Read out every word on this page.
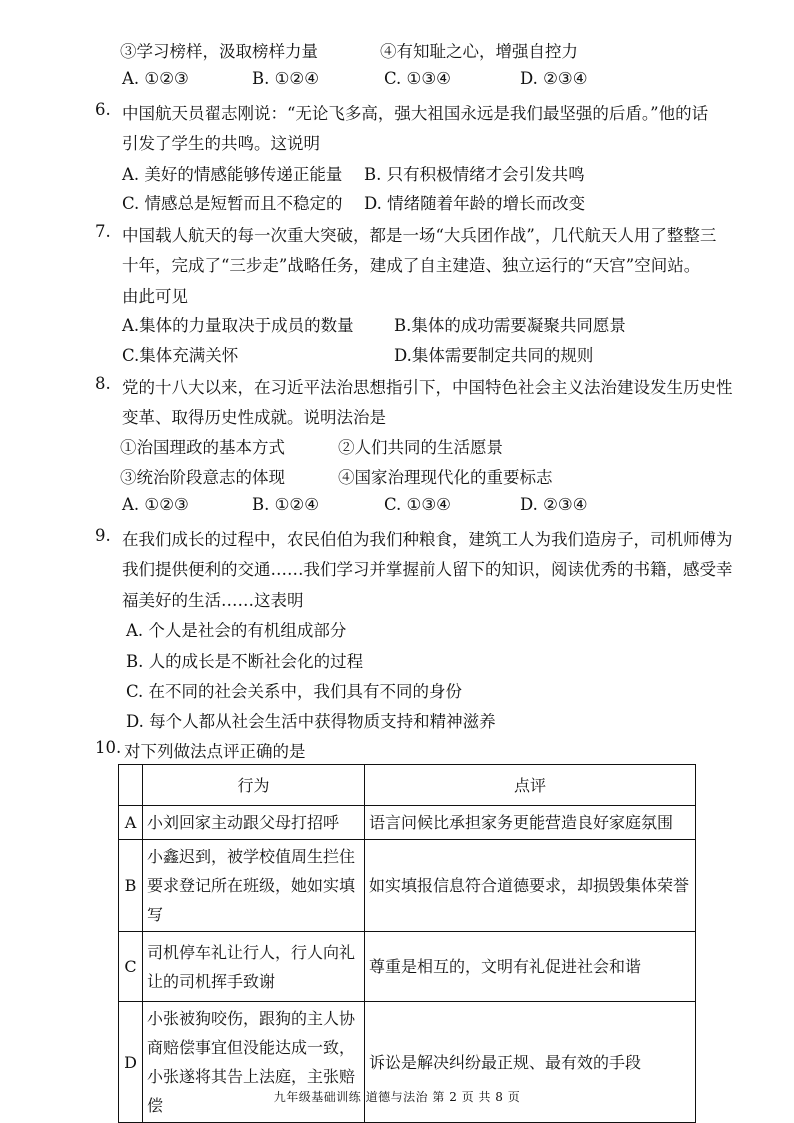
③学习榜样，汲取榜样力量	④有知耻之心，增强自控力
A. ①②③	B. ①②④	C. ①③④	D. ②③④
6. 中国航天员翟志刚说：“无论飞多高，强大祖国永远是我们最坚强的后盾。”他的话
引发了学生的共鸣。这说明
A. 美好的情感能够传递正能量 B. 只有积极情绪才会引发共鸣
C. 情感总是短暂而且不稳定的 D. 情绪随着年龄的增长而改变
7. 中国载人航天的每一次重大突破，都是一场“大兵团作战”，几代航天人用了整整三
十年，完成了“三步走”战略任务，建成了自主建造、独立运行的“天宫”空间站。
由此可见
A.集体的力量取决于成员的数量 B.集体的成功需要凝聚共同愿景
C.集体充满关怀	D.集体需要制定共同的规则
8. 党的十八大以来，在习近平法治思想指引下，中国特色社会主义法治建设发生历史性
变革、取得历史性成就。说明法治是
①治国理政的基本方式	②人们共同的生活愿景
③统治阶段意志的体现	④国家治理现代化的重要标志
A. ①②③	B. ①②④	C. ①③④	D. ②③④
9. 在我们成长的过程中，农民伯伯为我们种粮食，建筑工人为我们造房子，司机师傅为
我们提供便利的交通……我们学习并掌握前人留下的知识，阅读优秀的书籍，感受幸
福美好的生活……这表明
A. 个人是社会的有机组成部分
B. 人的成长是不断社会化的过程
C. 在不同的社会关系中，我们具有不同的身份
D. 每个人都从社会生活中获得物质支持和精神滋养
10. 对下列做法点评正确的是
	行为	点评
A	小刘回家主动跟父母打招呼	语言问候比承担家务更能营造良好家庭氛围
B	小鑫迟到，被学校值周生拦住要求登记所在班级，她如实填写	如实填报信息符合道德要求，却损毁集体荣誉
C	司机停车礼让行人，行人向礼让的司机挥手致谢	尊重是相互的，文明有礼促进社会和谐
D	小张被狗咬伤，跟狗的主人协商赔偿事宜但没能达成一致，小张遂将其告上法庭，主张赔偿	诉讼是解决纠纷最正规、最有效的手段
九年级基础训练 道德与法治 第 2 页 共 8 页
